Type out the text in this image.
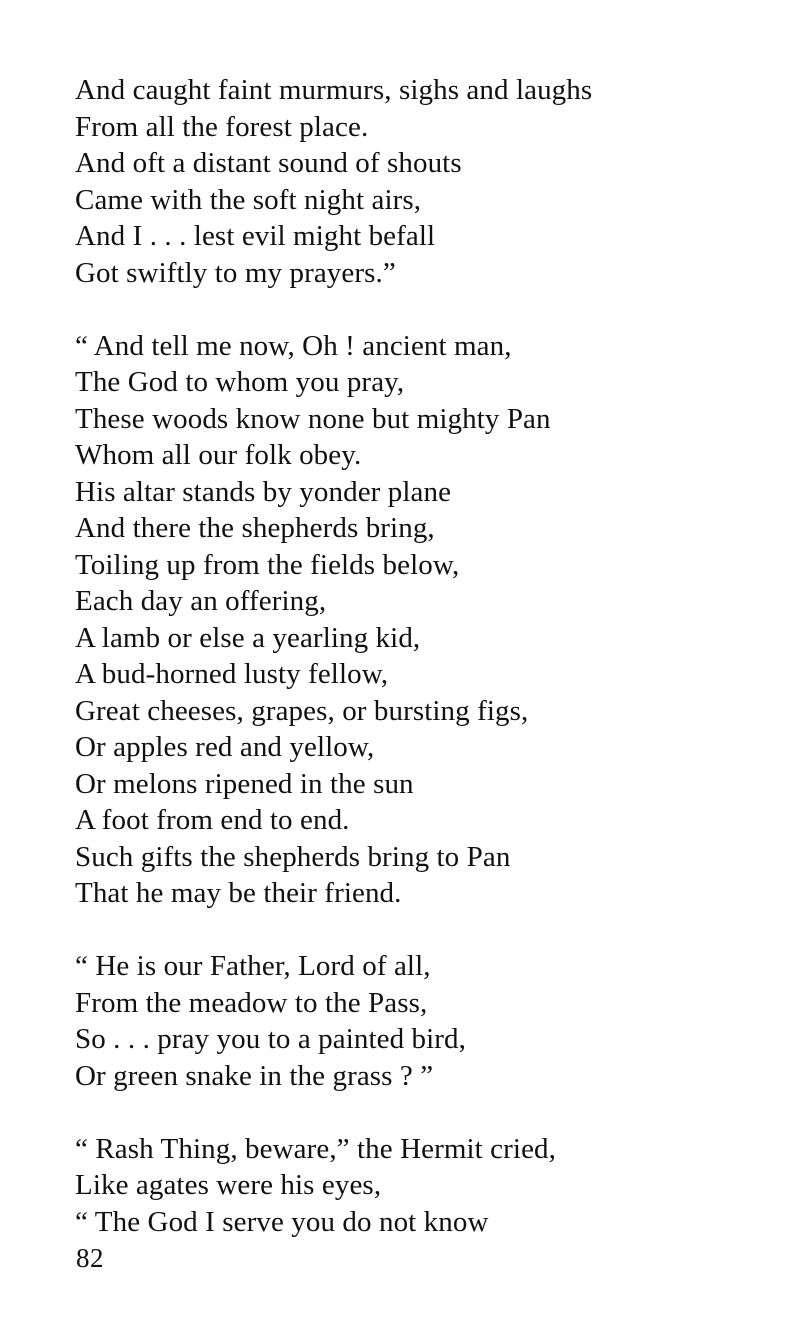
And caught faint murmurs, sighs and laughs
From all the forest place.
And oft a distant sound of shouts
Came with the soft night airs,
And I . . . lest evil might befall
Got swiftly to my prayers.”
“ And tell me now, Oh ! ancient man,
The God to whom you pray,
These woods know none but mighty Pan
Whom all our folk obey.
His altar stands by yonder plane
And there the shepherds bring,
Toiling up from the fields below,
Each day an offering,
A lamb or else a yearling kid,
A bud-horned lusty fellow,
Great cheeses, grapes, or bursting figs,
Or apples red and yellow,
Or melons ripened in the sun
A foot from end to end.
Such gifts the shepherds bring to Pan
That he may be their friend.
“ He is our Father, Lord of all,
From the meadow to the Pass,
So . . . pray you to a painted bird,
Or green snake in the grass ? ”
“ Rash Thing, beware,” the Hermit cried,
Like agates were his eyes,
“ The God I serve you do not know
82
